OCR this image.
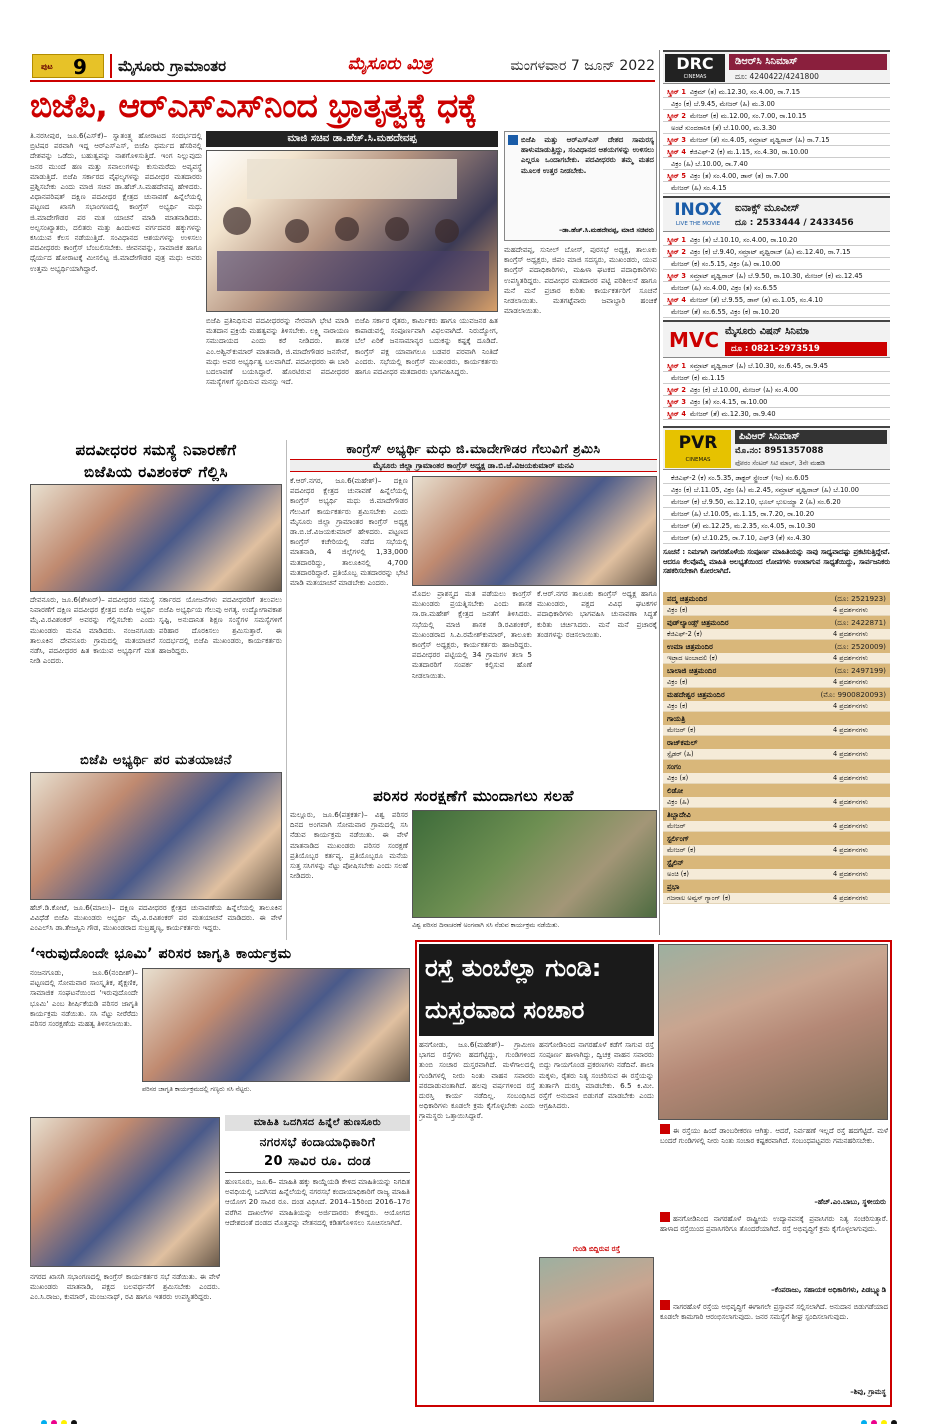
ಪುಟ 9	ಮೈಸೂರು ಗ್ರಾಮಾಂತರ	ಮೈಸೂರು ಮಿತ್ರ	ಮಂಗಳವಾರ 7 ಜೂನ್ 2022
ಬಿಜೆಪಿ, ಆರ್‌ಎಸ್‌ಎಸ್‌ನಿಂದ ಭ್ರಾತೃತ್ವಕ್ಕೆ ಧಕ್ಕೆ
ತಿ.ನರಸೀಪುರ, ಜೂ.6(ಎಸ್‌ಕೆ)– ಸ್ವಾತಂತ್ರ್ಯ ಹೋರಾಟದ ಸಂದರ್ಭದಲ್ಲಿ ಬ್ರಿಟಿಷರ ಪರವಾಗಿ ಇದ್ದ ಆರ್‌ಎಸ್‌ಎಸ್, ಬಿಜೆಪಿ ಧರ್ಮದ ಹೆಸರಿನಲ್ಲಿ ದೇಶವನ್ನು ಒಡೆದು, ಬಹುತ್ವವನ್ನು ನಾಶಗೊಳಿಸುತ್ತಿದೆ. ಇಂಗ ನಿಲ್ಲುವುದು ಜನರ ಮುಂದೆ ಹಣ ಮತ್ತು ಸವಾಲುಗಳನ್ನು ಕುಸುಮರೆದು ಅವ್ಯವಸ್ಥೆ ಮಾಡುತ್ತಿದೆ. ಬಿಜೆಪಿ ಸರ್ಕಾರದ ವೈಫಲ್ಯಗಳನ್ನು ಪದವೀಧರ ಮತದಾರರು ಪ್ರಶ್ನಿಸಬೇಕು ಎಂದು ಮಾಜಿ ಸಚಿವ ಡಾ.ಹೆಚ್.ಸಿ.ಮಹದೇವಪ್ಪ ಹೇಳಿದರು. ವಿಧಾನಪರಿಷತ್ ದಕ್ಷಿಣ ಪದವೀಧರ ಕ್ಷೇತ್ರದ ಚುನಾವಣೆ ಹಿನ್ನೆಲೆಯಲ್ಲಿ ಪಟ್ಟಣದ ಖಾಸಗಿ ಸಭಾಂಗಣದಲ್ಲಿ ಕಾಂಗ್ರೆಸ್ ಅಭ್ಯರ್ಥಿ ಮಧು ಜಿ.ಮಾದೇಗೌಡರ ಪರ ಮತ ಯಾಚನೆ ಮಾಡಿ ಮಾತನಾಡಿದರು. ಅಲ್ಪಸಂಖ್ಯಾತರು, ದಲಿತರು ಮತ್ತು ಹಿಂದುಳಿದ ವರ್ಗದವರ ಹಕ್ಕುಗಳನ್ನು ಕಸಿಯುವ ಕೆಲಸ ನಡೆಯುತ್ತಿದೆ. ಸಂವಿಧಾನದ ಆಶಯಗಳನ್ನು ಉಳಿಸಲು ಪದವೀಧರರು ಕಾಂಗ್ರೆಸ್ ಬೆಂಬಲಿಸಬೇಕು. ಜೀವನವನ್ನು, ಸಾಮಾಜಿಕ ಹಾಗೂ ಧೈರ್ಯದ ಹೋರಾಟಕ್ಕೆ ಮೀಸಲಿಟ್ಟ ಜಿ.ಮಾದೇಗೌಡರ ಪುತ್ರ ಮಧು ಅವರು ಉತ್ತಮ ಅಭ್ಯರ್ಥಿಯಾಗಿದ್ದಾರೆ.
ಮಾಜಿ ಸಚಿವ ಡಾ.ಹೆಚ್.ಸಿ.ಮಹದೇವಪ್ಪ	ಬಿಜೆಪಿ ಮತ್ತು ಆರ್‌ಎಸ್‌ಎಸ್ ದೇಶದ ಸಾಮರಸ್ಯ ಹಾಳುಮಾಡುತ್ತಿದ್ದು, ಸಂವಿಧಾನದ ಆಶಯಗಳನ್ನು ಉಳಿಸಲು ಎಲ್ಲರೂ ಒಂದಾಗಬೇಕು. ಪದವೀಧರರು ತಮ್ಮ ಮತದ ಮೂಲಕ ಉತ್ತರ ನೀಡಬೇಕು.
–ಡಾ.ಹೆಚ್.ಸಿ.ಮಹದೇವಪ್ಪ, ಮಾಜಿ ಸಚಿವರು
ಮಹದೇವಪ್ಪ, ಸುನೀಲ್ ಬೋಸ್, ಪುರಸಭೆ ಅಧ್ಯಕ್ಷ, ತಾಲೂಕು ಕಾಂಗ್ರೆಸ್ ಅಧ್ಯಕ್ಷರು, ಜಿಪಂ ಮಾಜಿ ಸದಸ್ಯರು, ಮುಖಂಡರು, ಯುವ ಕಾಂಗ್ರೆಸ್ ಪದಾಧಿಕಾರಿಗಳು, ಮಹಿಳಾ ಘಟಕದ ಪದಾಧಿಕಾರಿಗಳು ಉಪಸ್ಥಿತರಿದ್ದರು. ಪದವೀಧರ ಮತದಾರರ ಪಟ್ಟಿ ಪರಿಶೀಲನೆ ಹಾಗೂ ಮನೆ ಮನೆ ಪ್ರಚಾರ ಕುರಿತು ಕಾರ್ಯಕರ್ತರಿಗೆ ಸೂಚನೆ ನೀಡಲಾಯಿತು. ಮತಗಟ್ಟೆವಾರು ಜವಾಬ್ದಾರಿ ಹಂಚಿಕೆ ಮಾಡಲಾಯಿತು.
ಬಿಜೆಪಿ ಪ್ರತಿನಿಧಿಸುವ ಪದವೀಧರರನ್ನು ನೇರವಾಗಿ ಭೇಟಿ ಮಾಡಿ ಮತದಾನ ಪ್ರಕ್ರಿಯೆ ಮಹತ್ವವನ್ನು ತಿಳಿಸಬೇಕು. ಲಕ್ಷ್ಮಿ ನಾರಾಯಣ ಸಮುದಾಯದ ಎಂದು ಕರೆ ನೀಡಿದರು. ಶಾಸಕ ಎಂ.ಅಶ್ವಿನ್‌ಕುಮಾರ್ ಮಾತನಾಡಿ, ಜಿ.ಮಾದೇಗೌಡರ ಜನಸೇವೆ, ಮಧು ಅವರ ಅಭ್ಯರ್ಥಿತ್ವ ಬಲವಾಗಿದೆ. ಪದವೀಧರರು ಈ ಬಾರಿ ಬದಲಾವಣೆ ಬಯಸಿದ್ದಾರೆ. ಹೊರಟಿರುವ ಪದವೀಧರರ ಸಮಸ್ಯೆಗಳಿಗೆ ಸ್ಪಂದಿಸುವ ಮನಸ್ಸು ಇದೆ.
ಬಿಜೆಪಿ ಸರ್ಕಾರ ರೈತರು, ಕಾರ್ಮಿಕರು ಹಾಗೂ ಯುವಜನರ ಹಿತ ಕಾಪಾಡುವಲ್ಲಿ ಸಂಪೂರ್ಣವಾಗಿ ವಿಫಲವಾಗಿದೆ. ನಿರುದ್ಯೋಗ, ಬೆಲೆ ಏರಿಕೆ ಜನಸಾಮಾನ್ಯರ ಬದುಕನ್ನು ಕಷ್ಟಕ್ಕೆ ದೂಡಿದೆ. ಕಾಂಗ್ರೆಸ್ ಪಕ್ಷ ಯಾವಾಗಲೂ ಬಡವರ ಪರವಾಗಿ ನಿಂತಿದೆ ಎಂದರು. ಸಭೆಯಲ್ಲಿ ಕಾಂಗ್ರೆಸ್ ಮುಖಂಡರು, ಕಾರ್ಯಕರ್ತರು ಹಾಗೂ ಪದವೀಧರ ಮತದಾರರು ಭಾಗವಹಿಸಿದ್ದರು.
ಪದವೀಧರರ ಸಮಸ್ಯೆ ನಿವಾರಣೆಗೆ
ಬಿಜೆಪಿಯ ರವಿಶಂಕರ್ ಗೆಲ್ಲಿಸಿ
ದೇವನೂರು, ಜೂ.6(ಶೇಖರ್)– ಪದವೀಧರರ ಸಮಸ್ಯೆ ನಿವಾರಣೆಗೆ ದಕ್ಷಿಣ ಪದವೀಧರ ಕ್ಷೇತ್ರದ ಬಿಜೆಪಿ ಅಭ್ಯರ್ಥಿ ಮೈ.ವಿ.ರವಿಶಂಕರ್ ಅವರನ್ನು ಗೆಲ್ಲಿಸಬೇಕು ಎಂದು ಮುಖಂಡರು ಮನವಿ ಮಾಡಿದರು. ನಂಜನಗೂಡು ತಾಲೂಕಿನ ದೇವನೂರು ಗ್ರಾಮದಲ್ಲಿ ಮತಯಾಚನೆ ನಡೆಸಿ, ಪದವೀಧರರ ಹಿತ ಕಾಯುವ ಅಭ್ಯರ್ಥಿಗೆ ಮತ ನೀಡಿ ಎಂದರು.
ಸರ್ಕಾರದ ಯೋಜನೆಗಳು ಪದವೀಧರರಿಗೆ ತಲುಪಲು ಬಿಜೆಪಿ ಅಭ್ಯರ್ಥಿಯ ಗೆಲುವು ಅಗತ್ಯ. ಉದ್ಯೋಗಾವಕಾಶ ಸೃಷ್ಟಿ, ಅನುದಾನಿತ ಶಿಕ್ಷಣ ಸಂಸ್ಥೆಗಳ ಸಮಸ್ಯೆಗಳಿಗೆ ಪರಿಹಾರ ದೊರಕಿಸಲು ಶ್ರಮಿಸುತ್ತಾರೆ. ಈ ಸಂದರ್ಭದಲ್ಲಿ ಬಿಜೆಪಿ ಮುಖಂಡರು, ಕಾರ್ಯಕರ್ತರು ಹಾಜರಿದ್ದರು.
ಬಿಜೆಪಿ ಅಭ್ಯರ್ಥಿ ಪರ ಮತಯಾಚನೆ
ಹೆಚ್.ಡಿ.ಕೋಟೆ, ಜೂ.6(ಮಾಲು)– ದಕ್ಷಿಣ ಪದವೀಧರರ ಕ್ಷೇತ್ರದ ಚುನಾವಣೆಯ ಹಿನ್ನೆಲೆಯಲ್ಲಿ ತಾಲೂಕಿನ ವಿವಿಧೆಡೆ ಬಿಜೆಪಿ ಮುಖಂಡರು ಅಭ್ಯರ್ಥಿ ಮೈ.ವಿ.ರವಿಶಂಕರ್ ಪರ ಮತಯಾಚನೆ ಮಾಡಿದರು. ಈ ವೇಳೆ ಎಂಎಲ್‌ಸಿ ಡಾ.ತೇಜಸ್ವಿನಿ ಗೌಡ, ಮುಖಂಡರಾದ ಸುಬ್ರಹ್ಮಣ್ಯ, ಕಾರ್ಯಕರ್ತರು ಇದ್ದರು.
ಕಾಂಗ್ರೆಸ್ ಅಭ್ಯರ್ಥಿ ಮಧು ಜಿ.ಮಾದೇಗೌಡರ ಗೆಲುವಿಗೆ ಶ್ರಮಿಸಿ
ಮೈಸೂರು ಜಿಲ್ಲಾ ಗ್ರಾಮಾಂತರ ಕಾಂಗ್ರೆಸ್ ಅಧ್ಯಕ್ಷ ಡಾ.ಬಿ.ಜೆ.ವಿಜಯಕುಮಾರ್ ಮನವಿ
ಕೆ.ಆರ್.ನಗರ, ಜೂ.6(ಮಹೇಶ್)– ದಕ್ಷಿಣ ಪದವೀಧರ ಕ್ಷೇತ್ರದ ಚುನಾವಣೆ ಹಿನ್ನೆಲೆಯಲ್ಲಿ ಕಾಂಗ್ರೆಸ್ ಅಭ್ಯರ್ಥಿ ಮಧು ಜಿ.ಮಾದೇಗೌಡರ ಗೆಲುವಿಗೆ ಕಾರ್ಯಕರ್ತರು ಶ್ರಮಿಸಬೇಕು ಎಂದು ಮೈಸೂರು ಜಿಲ್ಲಾ ಗ್ರಾಮಾಂತರ ಕಾಂಗ್ರೆಸ್ ಅಧ್ಯಕ್ಷ ಡಾ.ಬಿ.ಜೆ.ವಿಜಯಕುಮಾರ್ ಹೇಳಿದರು. ಪಟ್ಟಣದ ಕಾಂಗ್ರೆಸ್ ಕಚೇರಿಯಲ್ಲಿ ನಡೆದ ಸಭೆಯಲ್ಲಿ ಮಾತನಾಡಿ, 4 ಜಿಲ್ಲೆಗಳಲ್ಲಿ 1,33,000 ಮತದಾರರಿದ್ದು, ತಾಲೂಕಿನಲ್ಲಿ 4,700 ಮತದಾರರಿದ್ದಾರೆ. ಪ್ರತಿಯೊಬ್ಬ ಮತದಾರರನ್ನು ಭೇಟಿ ಮಾಡಿ ಮತಯಾಚನೆ ಮಾಡಬೇಕು ಎಂದರು.
ಮೊದಲ ಪ್ರಾಶಸ್ತ್ಯದ ಮತ ಪಡೆಯಲು ಕಾಂಗ್ರೆಸ್ ಮುಖಂಡರು ಪ್ರಯತ್ನಿಸಬೇಕು ಎಂದು ಶಾಸಕ ಸಾ.ರಾ.ಮಹೇಶ್ ಕ್ಷೇತ್ರದ ಜನತೆಗೆ ತಿಳಿಸಿದರು. ಸಭೆಯಲ್ಲಿ ಮಾಜಿ ಶಾಸಕ ಡಿ.ರವಿಶಂಕರ್, ಮುಖಂಡರಾದ ಸಿ.ಪಿ.ರಮೇಶ್‌ಕುಮಾರ್, ತಾಲೂಕು ಕಾಂಗ್ರೆಸ್ ಅಧ್ಯಕ್ಷರು, ಕಾರ್ಯಕರ್ತರು ಹಾಜರಿದ್ದರು. ಪದವೀಧರರ ಪಟ್ಟಿಯಲ್ಲಿ 34 ಗ್ರಾಮಗಳ ತಲಾ 5 ಮತದಾರರಿಗೆ ಸಂಪರ್ಕ ಕಲ್ಪಿಸುವ ಹೊಣೆ ನೀಡಲಾಯಿತು.
ಕೆ.ಆರ್.ನಗರ ತಾಲೂಕು ಕಾಂಗ್ರೆಸ್ ಅಧ್ಯಕ್ಷ ಹಾಗೂ ಮುಖಂಡರು, ಪಕ್ಷದ ವಿವಿಧ ಘಟಕಗಳ ಪದಾಧಿಕಾರಿಗಳು ಭಾಗವಹಿಸಿ ಚುನಾವಣಾ ಸಿದ್ಧತೆ ಕುರಿತು ಚರ್ಚಿಸಿದರು. ಮನೆ ಮನೆ ಪ್ರಚಾರಕ್ಕೆ ತಂಡಗಳನ್ನು ರಚಿಸಲಾಯಿತು.
ಪರಿಸರ ಸಂರಕ್ಷಣೆಗೆ ಮುಂದಾಗಲು ಸಲಹೆ
ಮಲ್ಲೂರು, ಜೂ.6(ಪತ್ರಕರ್ತ)– ವಿಶ್ವ ಪರಿಸರ ದಿನದ ಅಂಗವಾಗಿ ಸೋಮವಾರ ಗ್ರಾಮದಲ್ಲಿ ಸಸಿ ನೆಡುವ ಕಾರ್ಯಕ್ರಮ ನಡೆಯಿತು. ಈ ವೇಳೆ ಮಾತನಾಡಿದ ಮುಖಂಡರು ಪರಿಸರ ಸಂರಕ್ಷಣೆ ಪ್ರತಿಯೊಬ್ಬರ ಕರ್ತವ್ಯ. ಪ್ರತಿಯೊಬ್ಬರೂ ಮನೆಯ ಸುತ್ತ ಸಸಿಗಳನ್ನು ನೆಟ್ಟು ಪೋಷಿಸಬೇಕು ಎಂದು ಸಲಹೆ ನೀಡಿದರು.
ವಿಶ್ವ ಪರಿಸರ ದಿನಾಚರಣೆ ಅಂಗವಾಗಿ ಸಸಿ ನೆಡುವ ಕಾರ್ಯಕ್ರಮ ನಡೆಯಿತು.
‘ಇರುವುದೊಂದೇ ಭೂಮಿ’ ಪರಿಸರ ಜಾಗೃತಿ ಕಾರ್ಯಕ್ರಮ
ನಂಜನಗೂಡು, ಜೂ.6(ನಂದೀಶ್)– ಪಟ್ಟಣದಲ್ಲಿ ಸೋಮವಾರ ಸಾಂಸ್ಕೃತಿಕ, ಶೈಕ್ಷಣಿಕ, ಸಾಮಾಜಿಕ ಸಂಘಟನೆಯಿಂದ 'ಇರುವುದೊಂದೇ ಭೂಮಿ' ಎಂಬ ಶೀರ್ಷಿಕೆಯಡಿ ಪರಿಸರ ಜಾಗೃತಿ ಕಾರ್ಯಕ್ರಮ ನಡೆಯಿತು. ಸಸಿ ನೆಟ್ಟು ನೀರೆರೆದು ಪರಿಸರ ಸಂರಕ್ಷಣೆಯ ಮಹತ್ವ ತಿಳಿಸಲಾಯಿತು.
ಪರಿಸರ ಜಾಗೃತಿ ಕಾರ್ಯಕ್ರಮದಲ್ಲಿ ಗಣ್ಯರು ಸಸಿ ನೆಟ್ಟರು.
ಮಾಹಿತಿ ಒದಗಿಸದ ಹಿನ್ನೆಲೆ ಹುಣಸೂರು
ನಗರಸಭೆ ಕಂದಾಯಾಧಿಕಾರಿಗೆ
20 ಸಾವಿರ ರೂ. ದಂಡ
ಹುಣಸೂರು, ಜೂ.6– ಮಾಹಿತಿ ಹಕ್ಕು ಕಾಯ್ದೆಯಡಿ ಕೇಳಿದ ಮಾಹಿತಿಯನ್ನು ನಿಗದಿತ ಅವಧಿಯಲ್ಲಿ ಒದಗಿಸದ ಹಿನ್ನೆಲೆಯಲ್ಲಿ ನಗರಸಭೆ ಕಂದಾಯಾಧಿಕಾರಿಗೆ ರಾಜ್ಯ ಮಾಹಿತಿ ಆಯೋಗ 20 ಸಾವಿರ ರೂ. ದಂಡ ವಿಧಿಸಿದೆ. 2014–15ರಿಂದ 2016–17ರ ವರೆಗಿನ ದಾಖಲೆಗಳ ಮಾಹಿತಿಯನ್ನು ಅರ್ಜಿದಾರರು ಕೇಳಿದ್ದರು. ಆಯೋಗದ ಆದೇಶದಂತೆ ದಂಡದ ಮೊತ್ತವನ್ನು ವೇತನದಲ್ಲಿ ಕಡಿತಗೊಳಿಸಲು ಸೂಚಿಸಲಾಗಿದೆ.
ನಗರದ ಖಾಸಗಿ ಸಭಾಂಗಣದಲ್ಲಿ ಕಾಂಗ್ರೆಸ್ ಕಾರ್ಯಕರ್ತರ ಸಭೆ ನಡೆಯಿತು. ಈ ವೇಳೆ ಮುಖಂಡರು ಮಾತನಾಡಿ, ಪಕ್ಷದ ಬಲವರ್ಧನೆಗೆ ಶ್ರಮಿಸಬೇಕು ಎಂದರು. ಎಂ.ಸಿ.ರಾಜು, ಕುಮಾರ್, ಮಂಜುನಾಥ್, ರವಿ ಹಾಗೂ ಇತರರು ಉಪಸ್ಥಿತರಿದ್ದರು.
ರಸ್ತೆ ತುಂಬೆಲ್ಲಾ ಗುಂಡಿ:
ದುಸ್ತರವಾದ ಸಂಚಾರ
ಹನಗೋಡು, ಜೂ.6(ಮಹೇಶ್)– ಗ್ರಾಮೀಣ ಭಾಗದ ರಸ್ತೆಗಳು ಹದಗೆಟ್ಟಿದ್ದು, ಗುಂಡಿಗಳಿಂದ ತುಂಬಿ ಸಂಚಾರ ದುಸ್ತರವಾಗಿದೆ. ಮಳೆಗಾಲದಲ್ಲಿ ಗುಂಡಿಗಳಲ್ಲಿ ನೀರು ನಿಂತು ವಾಹನ ಸವಾರರು ಪರದಾಡುವಂತಾಗಿದೆ. ಹಲವು ವರ್ಷಗಳಿಂದ ರಸ್ತೆ ದುರಸ್ತಿ ಕಾರ್ಯ ನಡೆದಿಲ್ಲ. ಸಂಬಂಧಿಸಿದ ಅಧಿಕಾರಿಗಳು ಕೂಡಲೇ ಕ್ರಮ ಕೈಗೊಳ್ಳಬೇಕು ಎಂದು ಗ್ರಾಮಸ್ಥರು ಒತ್ತಾಯಿಸಿದ್ದಾರೆ.
ಹನಗೋಡಿನಿಂದ ನಾಗರಹೊಳೆ ಕಡೆಗೆ ಸಾಗುವ ರಸ್ತೆ ಸಂಪೂರ್ಣ ಹಾಳಾಗಿದ್ದು, ದ್ವಿಚಕ್ರ ವಾಹನ ಸವಾರರು ಬಿದ್ದು ಗಾಯಗೊಂಡ ಪ್ರಕರಣಗಳು ನಡೆದಿವೆ. ಶಾಲಾ ಮಕ್ಕಳು, ರೈತರು ನಿತ್ಯ ಸಂಚರಿಸುವ ಈ ರಸ್ತೆಯನ್ನು ತುರ್ತಾಗಿ ದುರಸ್ತಿ ಮಾಡಬೇಕು. 6.5 ಕಿ.ಮೀ. ರಸ್ತೆಗೆ ಅನುದಾನ ಬಿಡುಗಡೆ ಮಾಡಬೇಕು ಎಂದು ಆಗ್ರಹಿಸಿದರು.
ಗುಂಡಿ ಬಿದ್ದಿರುವ ರಸ್ತೆ
ಈ ರಸ್ತೆಯು ಹಿಂದೆ ಡಾಂಬರೀಕರಣ ಆಗಿತ್ತು. ಆದರೆ, ನಿರ್ವಹಣೆ ಇಲ್ಲದೆ ರಸ್ತೆ ಹದಗೆಟ್ಟಿದೆ. ಮಳೆ ಬಂದರೆ ಗುಂಡಿಗಳಲ್ಲಿ ನೀರು ನಿಂತು ಸಂಚಾರ ಕಷ್ಟಕರವಾಗಿದೆ. ಸಂಬಂಧಪಟ್ಟವರು ಗಮನಹರಿಸಬೇಕು.
–ಹೆಚ್.ಎಂ.ಬಾಬು, ಸ್ಥಳೀಯರು
ಹನಗೋಡಿನಿಂದ ನಾಗರಹೊಳೆ ರಾಷ್ಟ್ರೀಯ ಉದ್ಯಾನವನಕ್ಕೆ ಪ್ರವಾಸಿಗರು ನಿತ್ಯ ಸಂಚರಿಸುತ್ತಾರೆ. ಹಾಳಾದ ರಸ್ತೆಯಿಂದ ಪ್ರವಾಸಿಗರಿಗೂ ತೊಂದರೆಯಾಗಿದೆ. ರಸ್ತೆ ಅಭಿವೃದ್ಧಿಗೆ ಕ್ರಮ ಕೈಗೊಳ್ಳಲಾಗುವುದು.
–ಕೆಂಪರಾಜು, ಸಹಾಯಕ ಅಧಿಕಾರಿಗಳು, ಪಿಡಬ್ಲ್ಯೂಡಿ
ನಾಗರಹೊಳೆ ರಸ್ತೆಯ ಅಭಿವೃದ್ಧಿಗೆ ಈಗಾಗಲೇ ಪ್ರಸ್ತಾವನೆ ಸಲ್ಲಿಸಲಾಗಿದೆ. ಅನುದಾನ ಬಿಡುಗಡೆಯಾದ ಕೂಡಲೇ ಕಾಮಗಾರಿ ಆರಂಭಿಸಲಾಗುವುದು. ಜನರ ಸಮಸ್ಯೆಗೆ ಶೀಘ್ರ ಸ್ಪಂದಿಸಲಾಗುವುದು.
–ಶಿವು, ಗ್ರಾಮಸ್ಥ
DRC
CINEMAS
ಡಿಆರ್‌ಸಿ ಸಿನಿಮಾಸ್
ದೂ: 4240422/4241800
ಸ್ಕ್ರೀನ್ 1 ವಿಕ್ರಮ್ (ತ) ಮ.12.30, ಸಂ.4.00, ರಾ.7.15
ವಿಕ್ರಂ (ಕ) ಬೆ.9.45, ಮೇಜರ್ (ಹಿ) ಮ.3.00
ಸ್ಕ್ರೀನ್ 2 ಮೇಜರ್ (ಕ) ಮ.12.00, ಸಂ.7.00, ರಾ.10.15
ಅಂಟೆ ಸುಂದರಾನಿಕಿ (ತೆ) ಬೆ.10.00, ಮ.3.30
ಸ್ಕ್ರೀನ್ 3 ಮೇಜರ್ (ತೆ) ಸಂ.4.05, ಸಮ್ರಾಟ್ ಪೃಥ್ವಿರಾಜ್ (ಹಿ) ರಾ.7.15
ಸ್ಕ್ರೀನ್ 4 ಕೆಜಿಎಫ್-2 (ಕ) ಮ.1.15, ಸಂ.4.30, ರಾ.10.00
ವಿಕ್ರಂ (ಹಿ) ಬೆ.10.00, ರಾ.7.40
ಸ್ಕ್ರೀನ್ 5 ವಿಕ್ರಂ (ತ) ಸಂ.4.00, ಡಾನ್ (ತ) ರಾ.7.00
ಮೇಜರ್ (ಹಿ) ಸಂ.4.15
INOX
LIVE THE MOVIE
ಐನಾಕ್ಸ್ ಮೂವೀಸ್
ದೂ : 2533444 / 2433456
ಸ್ಕ್ರೀನ್ 1 ವಿಕ್ರಂ (ತ) ಬೆ.10.10, ಸಂ.4.00, ರಾ.10.20
ಸ್ಕ್ರೀನ್ 2 ವಿಕ್ರಂ (ಕ) ಬೆ.9.40, ಸಮ್ರಾಟ್ ಪೃಥ್ವಿರಾಜ್ (ಹಿ) ಮ.12.40, ರಾ.7.15
ಮೇಜರ್ (ಕ) ಸಂ.5.15, ವಿಕ್ರಂ (ಹಿ) ರಾ.10.00
ಸ್ಕ್ರೀನ್ 3 ಸಮ್ರಾಟ್ ಪೃಥ್ವಿರಾಜ್ (ಹಿ) ಬೆ.9.50, ರಾ.10.30, ಮೇಜರ್ (ಕ) ಮ.12.45
ಮೇಜರ್ (ಹಿ) ಸಂ.4.00, ವಿಕ್ರಂ (ತ) ಸಂ.6.55
ಸ್ಕ್ರೀನ್ 4 ಮೇಜರ್ (ತೆ) ಬೆ.9.55, ಡಾನ್ (ತ) ಮ.1.05, ಸಂ.4.10
ಮೇಜರ್ (ತೆ) ಸಂ.6.55, ವಿಕ್ರಂ (ಕ) ರಾ.10.20
MVC ಮೈಸೂರು ವಿಷನ್ ಸಿನಿಮಾ
ದೂ : 0821-2973519
ಸ್ಕ್ರೀನ್ 1 ಸಮ್ರಾಟ್ ಪೃಥ್ವಿರಾಜ್ (ಹಿ) ಬೆ.10.30, ಸಂ.6.45, ರಾ.9.45
ಮೇಜರ್ (ಕ) ಮ.1.15
ಸ್ಕ್ರೀನ್ 2 ವಿಕ್ರಂ (ಕ) ಬೆ.10.00, ಮೇಜರ್ (ಹಿ) ಸಂ.4.00
ಸ್ಕ್ರೀನ್ 3 ವಿಕ್ರಂ (ತ) ಸಂ.4.15, ರಾ.10.00
ಸ್ಕ್ರೀನ್ 4 ಮೇಜರ್ (ತೆ) ಮ.12.30, ರಾ.9.40
PVR
CINEMAS
ಪಿವಿಆರ್ ಸಿನಿಮಾಸ್
ಮೊ.ನಂ: 8951357088
ಫೋರಂ ಸೆಂಟರ್ ಸಿಟಿ ಮಾಲ್, 3ನೇ ಮಹಡಿ
ಕೆಜಿಎಫ್-2 (ಕ) ಸಂ.5.35, ಡಾಕ್ಟರ್ ಸ್ಟ್ರೇಂಜ್ (ಇಂ) ಸಂ.6.05
ವಿಕ್ರಂ (ಕ) ಬೆ.11.05, ವಿಕ್ರಂ (ಹಿ) ಮ.2.45, ಸಮ್ರಾಟ್ ಪೃಥ್ವಿರಾಜ್ (ಹಿ) ಬೆ.10.00
ಮೇಜರ್ (ಕ) ಬೆ.9.50, ಮ.12.10, ಭೂಲ್ ಭುಲಯ್ಯಾ 2 (ಹಿ) ಸಂ.6.20
ಮೇಜರ್ (ಹಿ) ಬೆ.10.05, ಮ.1.15, ರಾ.7.20, ರಾ.10.20
ಮೇಜರ್ (ತೆ) ಮ.12.25, ಮ.2.35, ಸಂ.4.05, ರಾ.10.30
ಮೇಜರ್ (ತ) ಬೆ.10.25, ರಾ.7.10, ಎಫ್3 (ತೆ) ಸಂ.4.30
ಸೂಚನೆ : ನಿಮಗಾಗಿ ನಾಗರಹೊಳೆಯ ಸಂಪೂರ್ಣ ಮಾಹಿತಿಯನ್ನು ನಾವು ಸಾಧ್ಯವಾದಷ್ಟು ಪ್ರಕಟಿಸುತ್ತಿದ್ದೇವೆ. ಆದರೂ ಕೆಲವೊಮ್ಮೆ ಮಾಹಿತಿ ಅಲಭ್ಯತೆಯಿಂದ ಲೋಪಗಳು ಉಂಟಾಗುವ ಸಾಧ್ಯತೆಯಿದ್ದು, ಸಾರ್ವಜನಿಕರು ಸಹಕರಿಸಬೇಕಾಗಿ ಕೋರಲಾಗಿದೆ.
ಪದ್ಮ ಚಿತ್ರಮಂದಿರ	(ದೂ: 2521923)
ವಿಕ್ರಂ (ಕ)	4 ಪ್ರದರ್ಶನಗಳು
ವುಡ್‌ಲ್ಯಾಂಡ್ಸ್ ಚಿತ್ರಮಂದಿರ	(ದೂ: 2422871)
ಕೆಜಿಎಫ್-2 (ಕ)	4 ಪ್ರದರ್ಶನಗಳು
ಉಮಾ ಚಿತ್ರಮಂದಿರ	(ದೂ: 2520009)
ಇಟ್ರಾದ ಅಂಬಾದಲಿ (ಕ)	4 ಪ್ರದರ್ಶನಗಳು
ಬಾಲಾಜಿ ಚಿತ್ರಮಂದಿರ	(ದೂ: 2497199)
ವಿಕ್ರಂ (ಕ)	4 ಪ್ರದರ್ಶನಗಳು
ಮಹದೇಶ್ವರ ಚಿತ್ರಮಂದಿರ	(ಮೊ: 9900820093)
ವಿಕ್ರಂ (ಕ)	4 ಪ್ರದರ್ಶನಗಳು
ಗಾಯತ್ರಿ
ಮೇಜರ್ (ಕ)	4 ಪ್ರದರ್ಶನಗಳು
ರಾಜ್‌ಕಮಲ್
ಸ್ಪೈಡರ್ (ಹಿ)	4 ಪ್ರದರ್ಶನಗಳು
ಸಂಗಂ
ವಿಕ್ರಂ (ತ)	4 ಪ್ರದರ್ಶನಗಳು
ಲಿಡೋ
ವಿಕ್ರಂ (ಹಿ)	4 ಪ್ರದರ್ಶನಗಳು
ತಿಬ್ಬಾದೇವಿ
ಮೇಜರ್	4 ಪ್ರದರ್ಶನಗಳು
ಸ್ಟರ್ಲಿಂಗ್
ಮೇಜರ್ (ಕ)	4 ಪ್ರದರ್ಶನಗಳು
ಸ್ಟೈಲಿನ್
ಅಂಚಿ (ಕ)	4 ಪ್ರದರ್ಶನಗಳು
ಪ್ರಭಾ
ಗಜನಾಲ ಅವ್ವಸ್ ಗ್ಯಾಂಗ್ (ಕ)	4 ಪ್ರದರ್ಶನಗಳು
